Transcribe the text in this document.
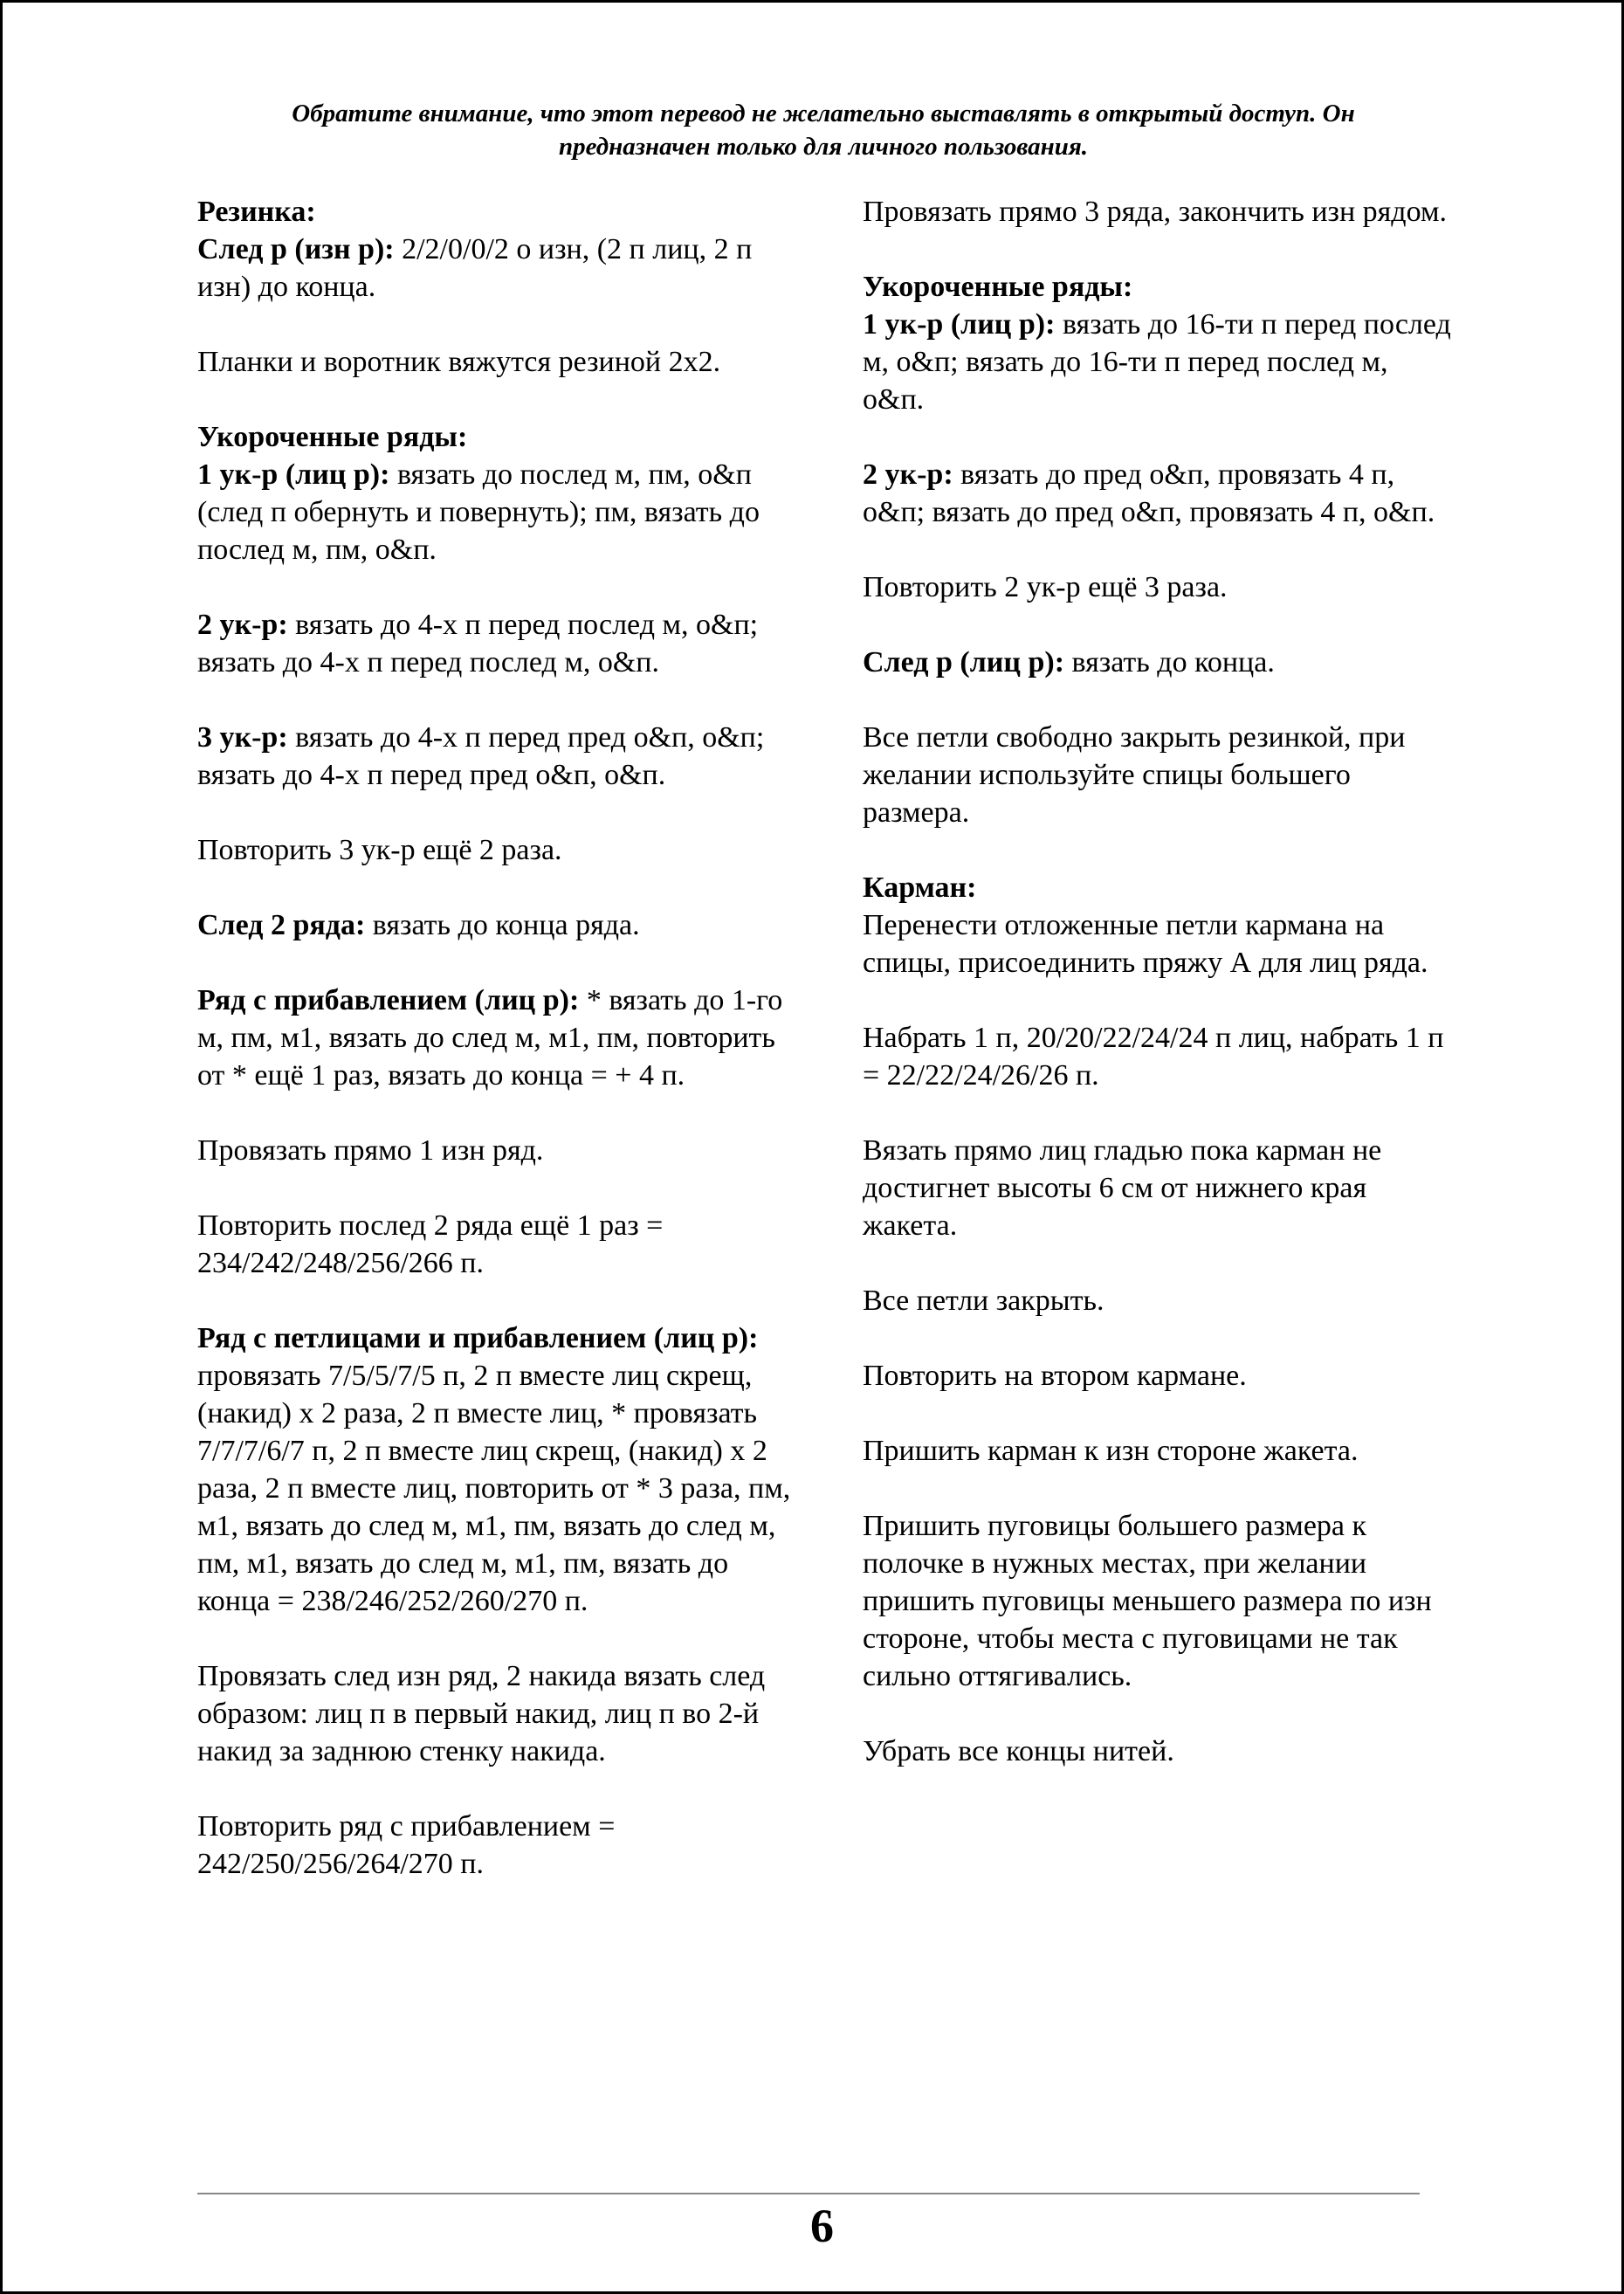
Обратите внимание, что этот перевод не желательно выставлять в открытый доступ. Он
предназначен только для личного пользования.

Резинка:
След р (изн р): 2/2/0/0/2 о изн, (2 п лиц, 2 п изн) до конца.

Планки и воротник вяжутся резиной 2х2.

Укороченные ряды:
1 ук-р (лиц р): вязать до послед м, пм, о&п (след п обернуть и повернуть); пм, вязать до послед м, пм, о&п.

2 ук-р: вязать до 4-х п перед послед м, о&п; вязать до 4-х п перед послед м, о&п.

3 ук-р: вязать до 4-х п перед пред о&п, о&п; вязать до 4-х п перед пред о&п, о&п.

Повторить 3 ук-р ещё 2 раза.

След 2 ряда: вязать до конца ряда.

Ряд с прибавлением (лиц р): * вязать до 1-го м, пм, м1, вязать до след м, м1, пм, повторить от * ещё 1 раз, вязать до конца = + 4 п.

Провязать прямо 1 изн ряд.

Повторить послед 2 ряда ещё 1 раз = 234/242/248/256/266 п.

Ряд с петлицами и прибавлением (лиц р): провязать 7/5/5/7/5 п, 2 п вместе лиц скрещ, (накид) х 2 раза, 2 п вместе лиц, * провязать 7/7/7/6/7 п, 2 п вместе лиц скрещ, (накид) х 2 раза, 2 п вместе лиц, повторить от * 3 раза, пм, м1, вязать до след м, м1, пм, вязать до след м, пм, м1, вязать до след м, м1, пм, вязать до конца = 238/246/252/260/270 п.

Провязать след изн ряд, 2 накида вязать след образом: лиц п в первый накид, лиц п во 2-й накид за заднюю стенку накида.

Повторить ряд с прибавлением = 242/250/256/264/270 п.

Провязать прямо 3 ряда, закончить изн рядом.

Укороченные ряды:
1 ук-р (лиц р): вязать до 16-ти п перед послед м, о&п; вязать до 16-ти п перед послед м, о&п.

2 ук-р: вязать до пред о&п, провязать 4 п, о&п; вязать до пред о&п, провязать 4 п, о&п.

Повторить 2 ук-р ещё 3 раза.

След р (лиц р): вязать до конца.

Все петли свободно закрыть резинкой, при желании используйте спицы большего размера.

Карман:
Перенести отложенные петли кармана на спицы, присоединить пряжу А для лиц ряда.

Набрать 1 п, 20/20/22/24/24 п лиц, набрать 1 п = 22/22/24/26/26 п.

Вязать прямо лиц гладью пока карман не достигнет высоты 6 см от нижнего края жакета.

Все петли закрыть.

Повторить на втором кармане.

Пришить карман к изн стороне жакета.

Пришить пуговицы большего размера к полочке в нужных местах, при желании пришить пуговицы меньшего размера по изн стороне, чтобы места с пуговицами не так сильно оттягивались.

Убрать все концы нитей.

6
